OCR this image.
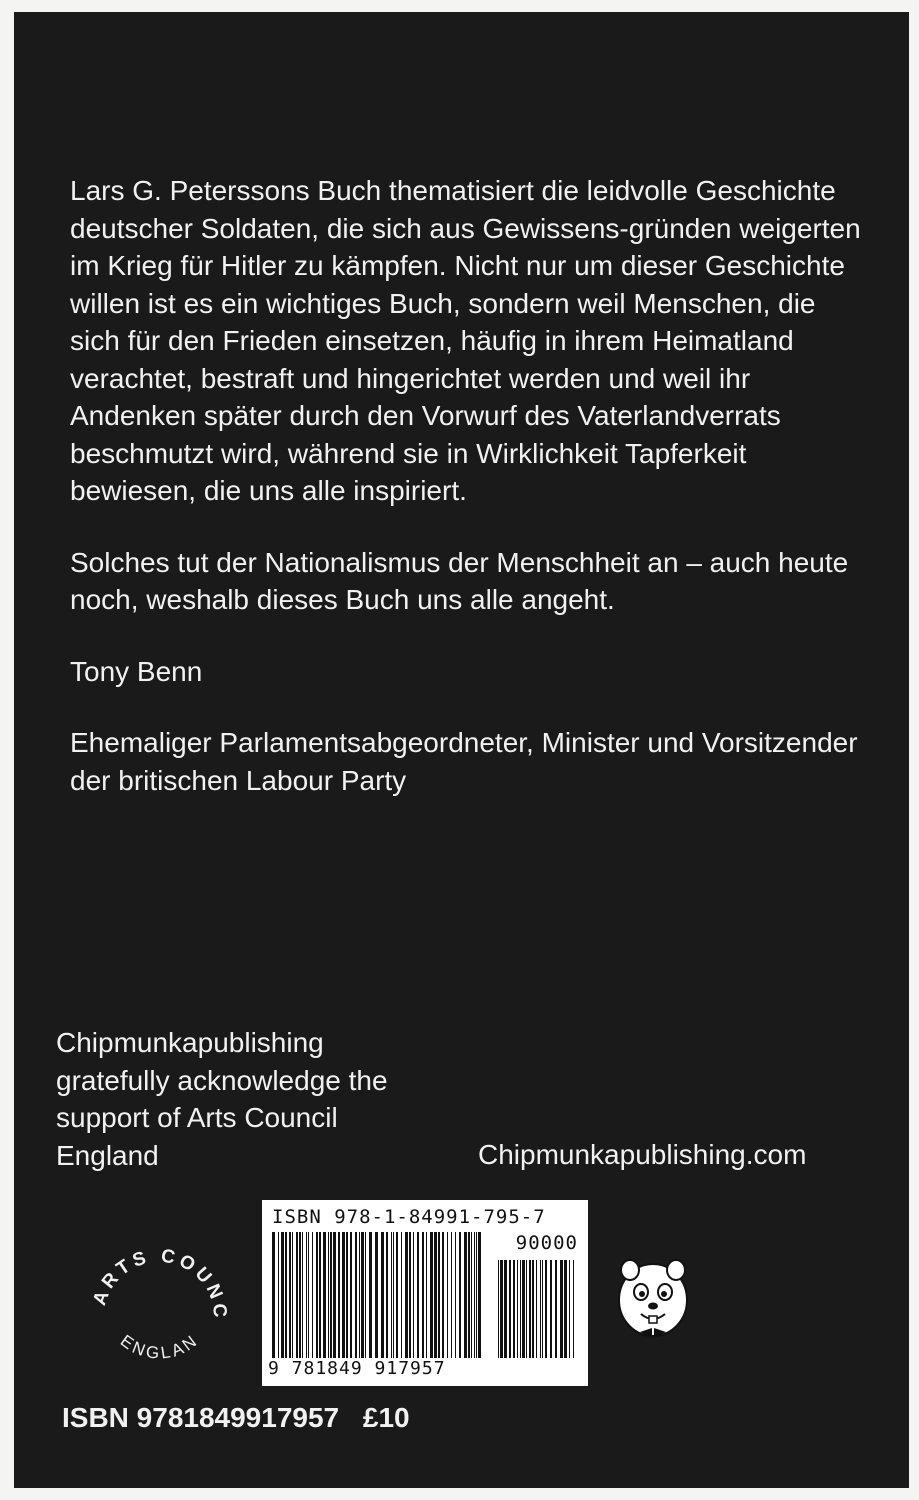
Lars G. Peterssons Buch thematisiert die leidvolle Geschichte deutscher Soldaten, die sich aus Gewissens-gründen weigerten im Krieg für Hitler zu kämpfen. Nicht nur um dieser Geschichte willen ist es ein wichtiges Buch, sondern weil Menschen, die sich für den Frieden einsetzen, häufig in ihrem Heimatland verachtet, bestraft und hingerichtet werden und weil ihr Andenken später durch den Vorwurf des Vaterlandverrats beschmutzt wird, während sie in Wirklichkeit Tapferkeit bewiesen, die uns alle inspiriert.

Solches tut der Nationalismus der Menschheit an – auch heute noch, weshalb dieses Buch uns alle angeht.

Tony Benn

Ehemaliger Parlamentsabgeordneter, Minister und Vorsitzender der britischen Labour Party

Chipmunkapublishing gratefully acknowledge the support of Arts Council England	Chipmunkapublishing.com
ARTS COUNC
ENGLAN
ISBN 978-1-84991-795-7
90000
9 781849 917957
ISBN 9781849917957 £10
